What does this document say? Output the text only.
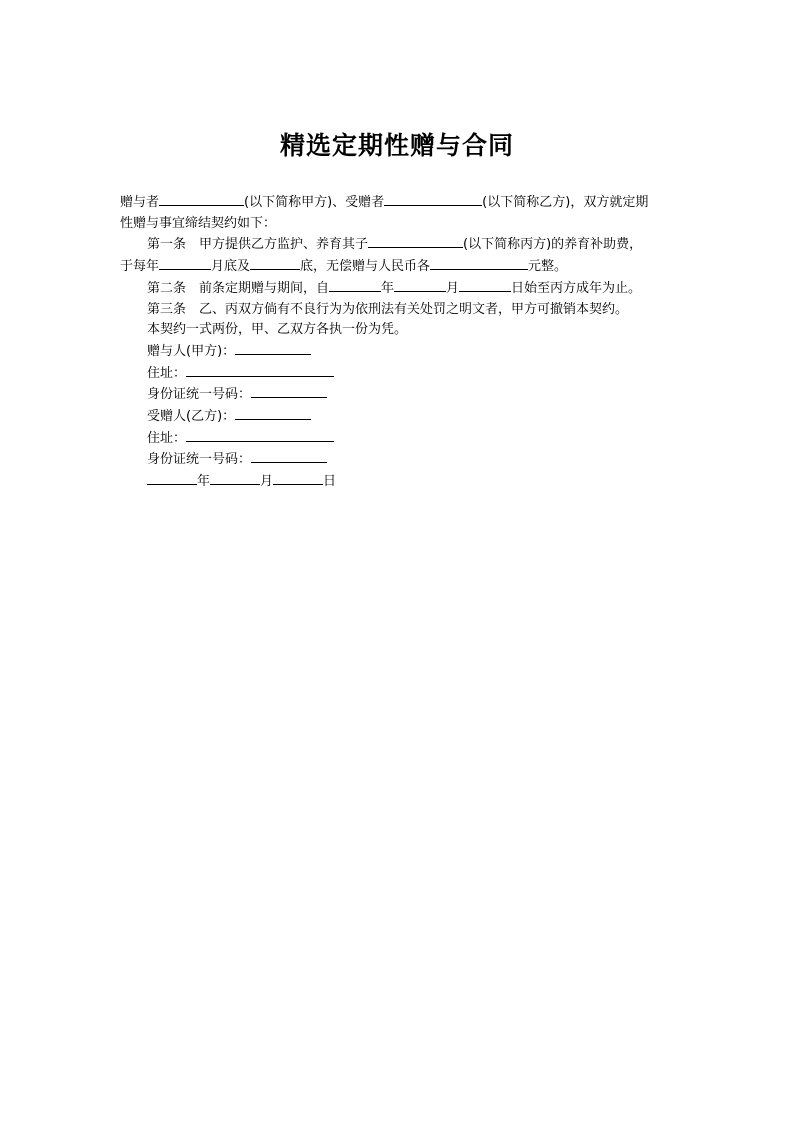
精选定期性赠与合同
赠与者	(以下简称甲方)、受赠者	(以下简称乙方)，双方就定期
性赠与事宜缔结契约如下：
第一条　甲方提供乙方监护、养育其子	(以下简称丙方)的养育补助费，
于每年	月底及	底，无偿赠与人民币各	元整。
第二条　前条定期赠与期间，自	年	月	日始至丙方成年为止。
第三条　乙、丙双方倘有不良行为为依刑法有关处罚之明文者，甲方可撤销本契约。
本契约一式两份，甲、乙双方各执一份为凭。
赠与人(甲方)：
住址：
身份证统一号码：
受赠人(乙方)：
住址：
身份证统一号码：
年	月	日
